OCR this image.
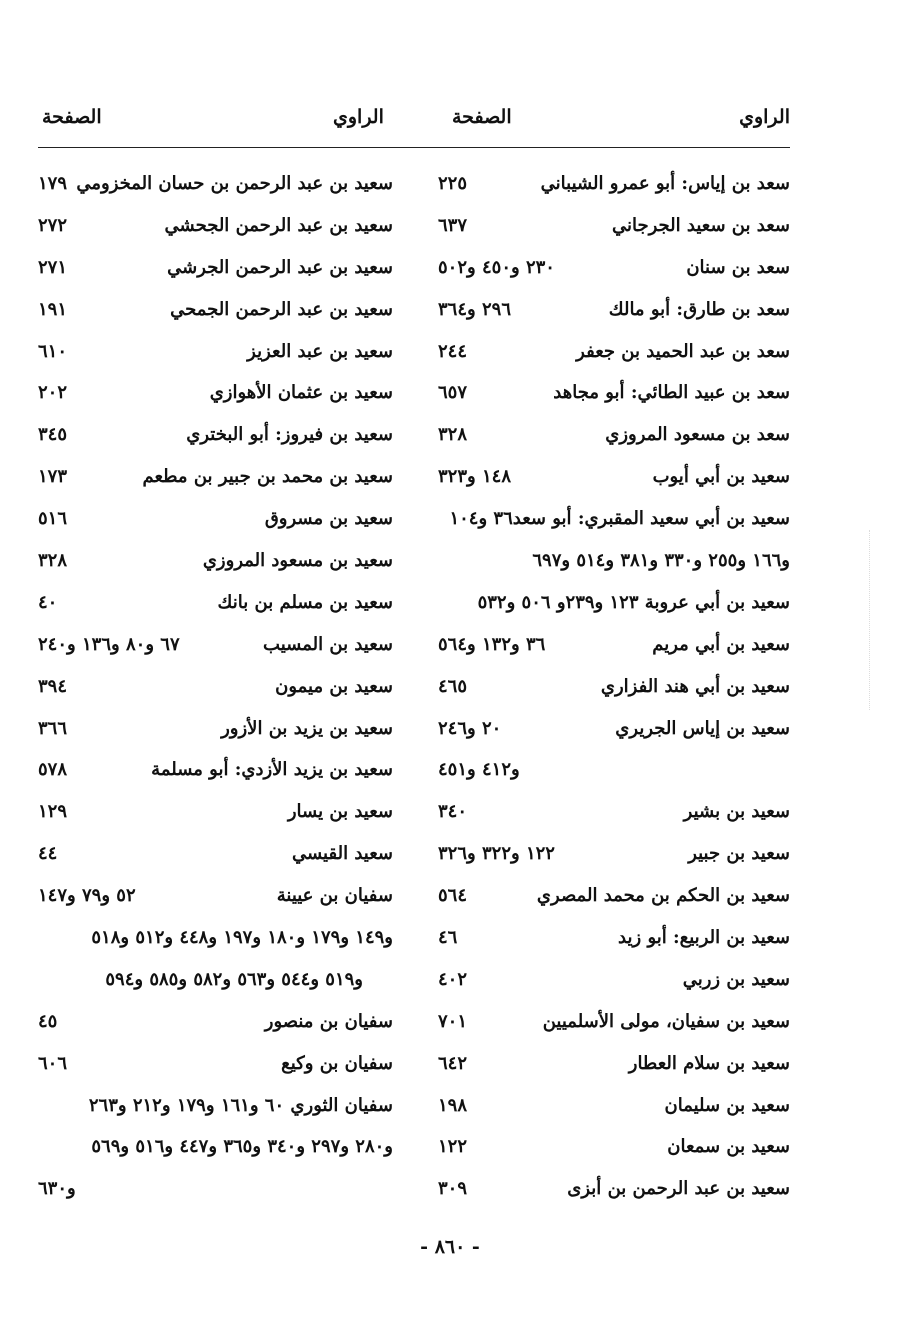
الراوي
الصفحة
الراوي
الصفحة
سعد بن إياس: أبو عمرو الشيباني
٢٢٥
سعد بن سعيد الجرجاني
٦٣٧
سعد بن سنان
٢٣٠ و٤٥٠ و٥٠٢
سعد بن طارق: أبو مالك
٢٩٦ و٣٦٤
سعد بن عبد الحميد بن جعفر
٢٤٤
سعد بن عبيد الطائي: أبو مجاهد
٦٥٧
سعد بن مسعود المروزي
٣٢٨
سعيد بن أبي أيوب
١٤٨ و٣٢٣
سعيد بن أبي سعيد المقبري: أبو سعد٣٦ و١٠٤
و١٦٦ و٢٥٥ و٣٣٠ و٣٨١ و٥١٤ و٦٩٧
سعيد بن أبي عروبة ١٢٣ و٢٣٩و ٥٠٦ و٥٣٢
سعيد بن أبي مريم
٣٦ و١٣٢ و٥٦٤
سعيد بن أبي هند الفزاري
٤٦٥
سعيد بن إياس الجريري
٢٠ و٢٤٦
و٤١٢ و٤٥١
سعيد بن بشير
٣٤٠
سعيد بن جبير
١٢٢ و٣٢٢ و٣٢٦
سعيد بن الحكم بن محمد المصري
٥٦٤
سعيد بن الربيع: أبو زيد
٤٦
سعيد بن زربي
٤٠٢
سعيد بن سفيان، مولى الأسلميين
٧٠١
سعيد بن سلام العطار
٦٤٢
سعيد بن سليمان
١٩٨
سعيد بن سمعان
١٢٢
سعيد بن عبد الرحمن بن أبزى
٣٠٩
سعيد بن عبد الرحمن بن حسان المخزومي
١٧٩
سعيد بن عبد الرحمن الجحشي
٢٧٢
سعيد بن عبد الرحمن الجرشي
٢٧١
سعيد بن عبد الرحمن الجمحي
١٩١
سعيد بن عبد العزيز
٦١٠
سعيد بن عثمان الأهوازي
٢٠٢
سعيد بن فيروز: أبو البختري
٣٤٥
سعيد بن محمد بن جبير بن مطعم
١٧٣
سعيد بن مسروق
٥١٦
سعيد بن مسعود المروزي
٣٢٨
سعيد بن مسلم بن بانك
٤٠
سعيد بن المسيب
٦٧ و٨٠ و١٣٦ و٢٤٠
سعيد بن ميمون
٣٩٤
سعيد بن يزيد بن الأزور
٣٦٦
سعيد بن يزيد الأزدي: أبو مسلمة
٥٧٨
سعيد بن يسار
١٢٩
سعيد القيسي
٤٤
سفيان بن عيينة
٥٢ و٧٩ و١٤٧
و١٤٩ و١٧٩ و١٨٠ و١٩٧ و٤٤٨ و٥١٢ و٥١٨
و٥١٩ و٥٤٤ و٥٦٣ و٥٨٢ و٥٨٥ و٥٩٤
سفيان بن منصور
٤٥
سفيان بن وكيع
٦٠٦
سفيان الثوري ٦٠ و١٦١ و١٧٩ و٢١٢ و٢٦٣
و٢٨٠ و٢٩٧ و٣٤٠ و٣٦٥ و٤٤٧ و٥١٦ و٥٦٩
و٦٣٠
- ٨٦٠ -
